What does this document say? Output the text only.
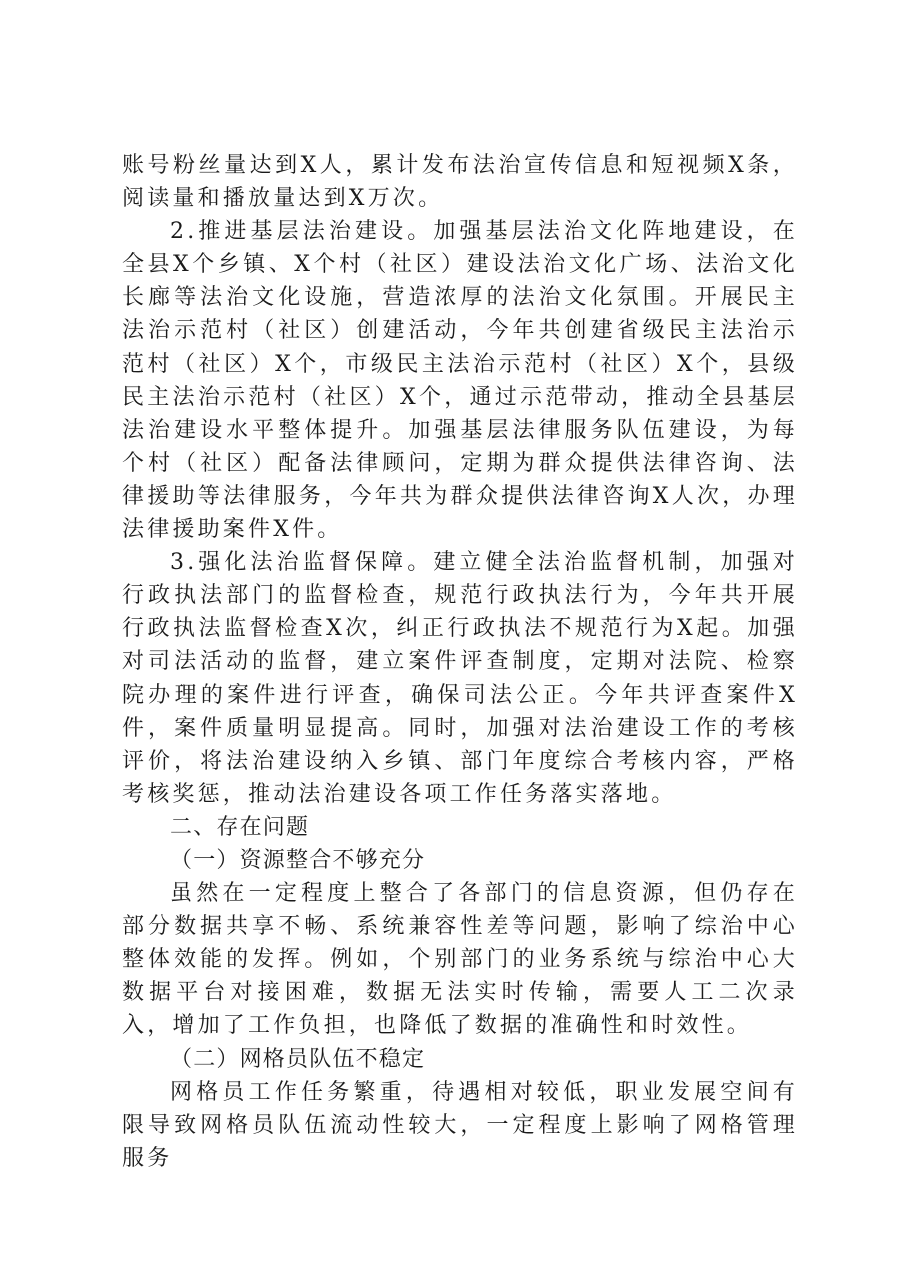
账号粉丝量达到X人，累计发布法治宣传信息和短视频X条，阅读量和播放量达到X万次。

2.推进基层法治建设。加强基层法治文化阵地建设，在全县X个乡镇、X个村（社区）建设法治文化广场、法治文化长廊等法治文化设施，营造浓厚的法治文化氛围。开展民主法治示范村（社区）创建活动，今年共创建省级民主法治示范村（社区）X个，市级民主法治示范村（社区）X个，县级民主法治示范村（社区）X个，通过示范带动，推动全县基层法治建设水平整体提升。加强基层法律服务队伍建设，为每个村（社区）配备法律顾问，定期为群众提供法律咨询、法律援助等法律服务，今年共为群众提供法律咨询X人次，办理法律援助案件X件。

3.强化法治监督保障。建立健全法治监督机制，加强对行政执法部门的监督检查，规范行政执法行为，今年共开展行政执法监督检查X次，纠正行政执法不规范行为X起。加强对司法活动的监督，建立案件评查制度，定期对法院、检察院办理的案件进行评查，确保司法公正。今年共评查案件X件，案件质量明显提高。同时，加强对法治建设工作的考核评价，将法治建设纳入乡镇、部门年度综合考核内容，严格考核奖惩，推动法治建设各项工作任务落实落地。

二、存在问题

（一）资源整合不够充分

虽然在一定程度上整合了各部门的信息资源，但仍存在部分数据共享不畅、系统兼容性差等问题，影响了综治中心整体效能的发挥。例如，个别部门的业务系统与综治中心大数据平台对接困难，数据无法实时传输，需要人工二次录入，增加了工作负担，也降低了数据的准确性和时效性。

（二）网格员队伍不稳定

网格员工作任务繁重，待遇相对较低，职业发展空间有限导致网格员队伍流动性较大，一定程度上影响了网格管理服务
